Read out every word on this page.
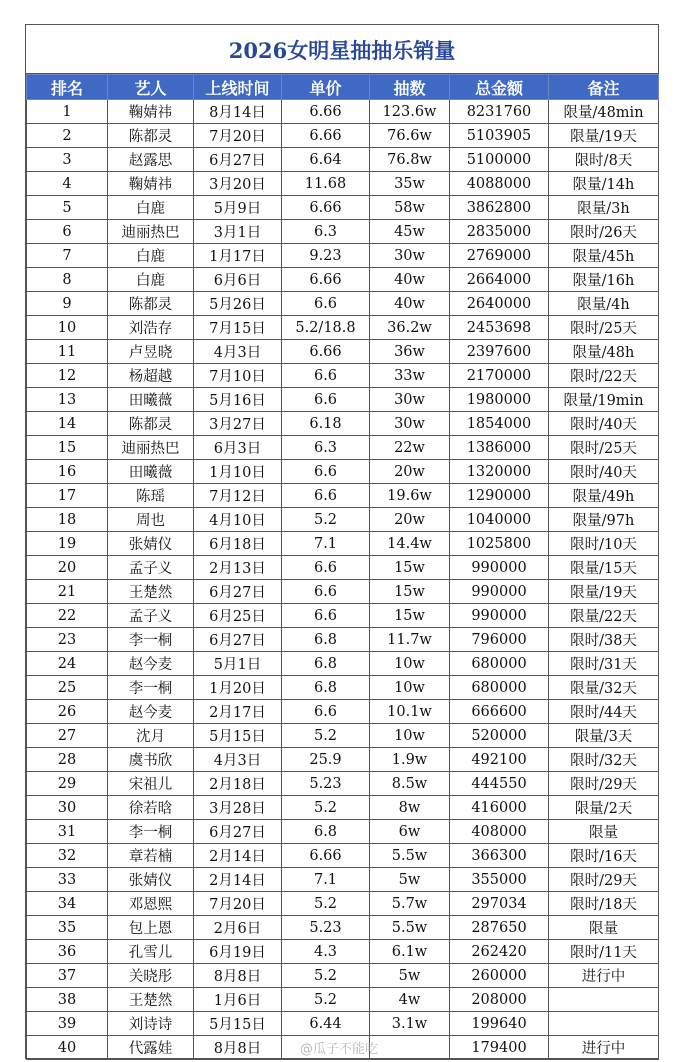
2026女明星抽抽乐销量
排名	艺人	上线时间	单价	抽数	总金额	备注
1	鞠婧祎	8月14日	6.66	123.6w	8231760	限量/48min
2	陈都灵	7月20日	6.66	76.6w	5103905	限量/19天
3	赵露思	6月27日	6.64	76.8w	5100000	限时/8天
4	鞠婧祎	3月20日	11.68	35w	4088000	限量/14h
5	白鹿	5月9日	6.66	58w	3862800	限量/3h
6	迪丽热巴	3月1日	6.3	45w	2835000	限时/26天
7	白鹿	1月17日	9.23	30w	2769000	限量/45h
8	白鹿	6月6日	6.66	40w	2664000	限量/16h
9	陈都灵	5月26日	6.6	40w	2640000	限量/4h
10	刘浩存	7月15日	5.2/18.8	36.2w	2453698	限时/25天
11	卢昱晓	4月3日	6.66	36w	2397600	限量/48h
12	杨超越	7月10日	6.6	33w	2170000	限时/22天
13	田曦薇	5月16日	6.6	30w	1980000	限量/19min
14	陈都灵	3月27日	6.18	30w	1854000	限时/40天
15	迪丽热巴	6月3日	6.3	22w	1386000	限时/25天
16	田曦薇	1月10日	6.6	20w	1320000	限时/40天
17	陈瑶	7月12日	6.6	19.6w	1290000	限量/49h
18	周也	4月10日	5.2	20w	1040000	限量/97h
19	张婧仪	6月18日	7.1	14.4w	1025800	限时/10天
20	孟子义	2月13日	6.6	15w	990000	限量/15天
21	王楚然	6月27日	6.6	15w	990000	限量/19天
22	孟子义	6月25日	6.6	15w	990000	限量/22天
23	李一桐	6月27日	6.8	11.7w	796000	限时/38天
24	赵今麦	5月1日	6.8	10w	680000	限时/31天
25	李一桐	1月20日	6.8	10w	680000	限量/32天
26	赵今麦	2月17日	6.6	10.1w	666600	限时/44天
27	沈月	5月15日	5.2	10w	520000	限量/3天
28	虞书欣	4月3日	25.9	1.9w	492100	限时/32天
29	宋祖儿	2月18日	5.23	8.5w	444550	限时/29天
30	徐若晗	3月28日	5.2	8w	416000	限量/2天
31	李一桐	6月27日	6.8	6w	408000	限量
32	章若楠	2月14日	6.66	5.5w	366300	限时/16天
33	张婧仪	2月14日	7.1	5w	355000	限时/29天
34	邓恩熙	7月20日	5.2	5.7w	297034	限时/18天
35	包上恩	2月6日	5.23	5.5w	287650	限量
36	孔雪儿	6月19日	4.3	6.1w	262420	限时/11天
37	关晓彤	8月8日	5.2	5w	260000	进行中
38	王楚然	1月6日	5.2	4w	208000	
39	刘诗诗	5月15日	6.44	3.1w	199640	
40	代露娃	8月8日			179400	进行中
@瓜子不能吃
